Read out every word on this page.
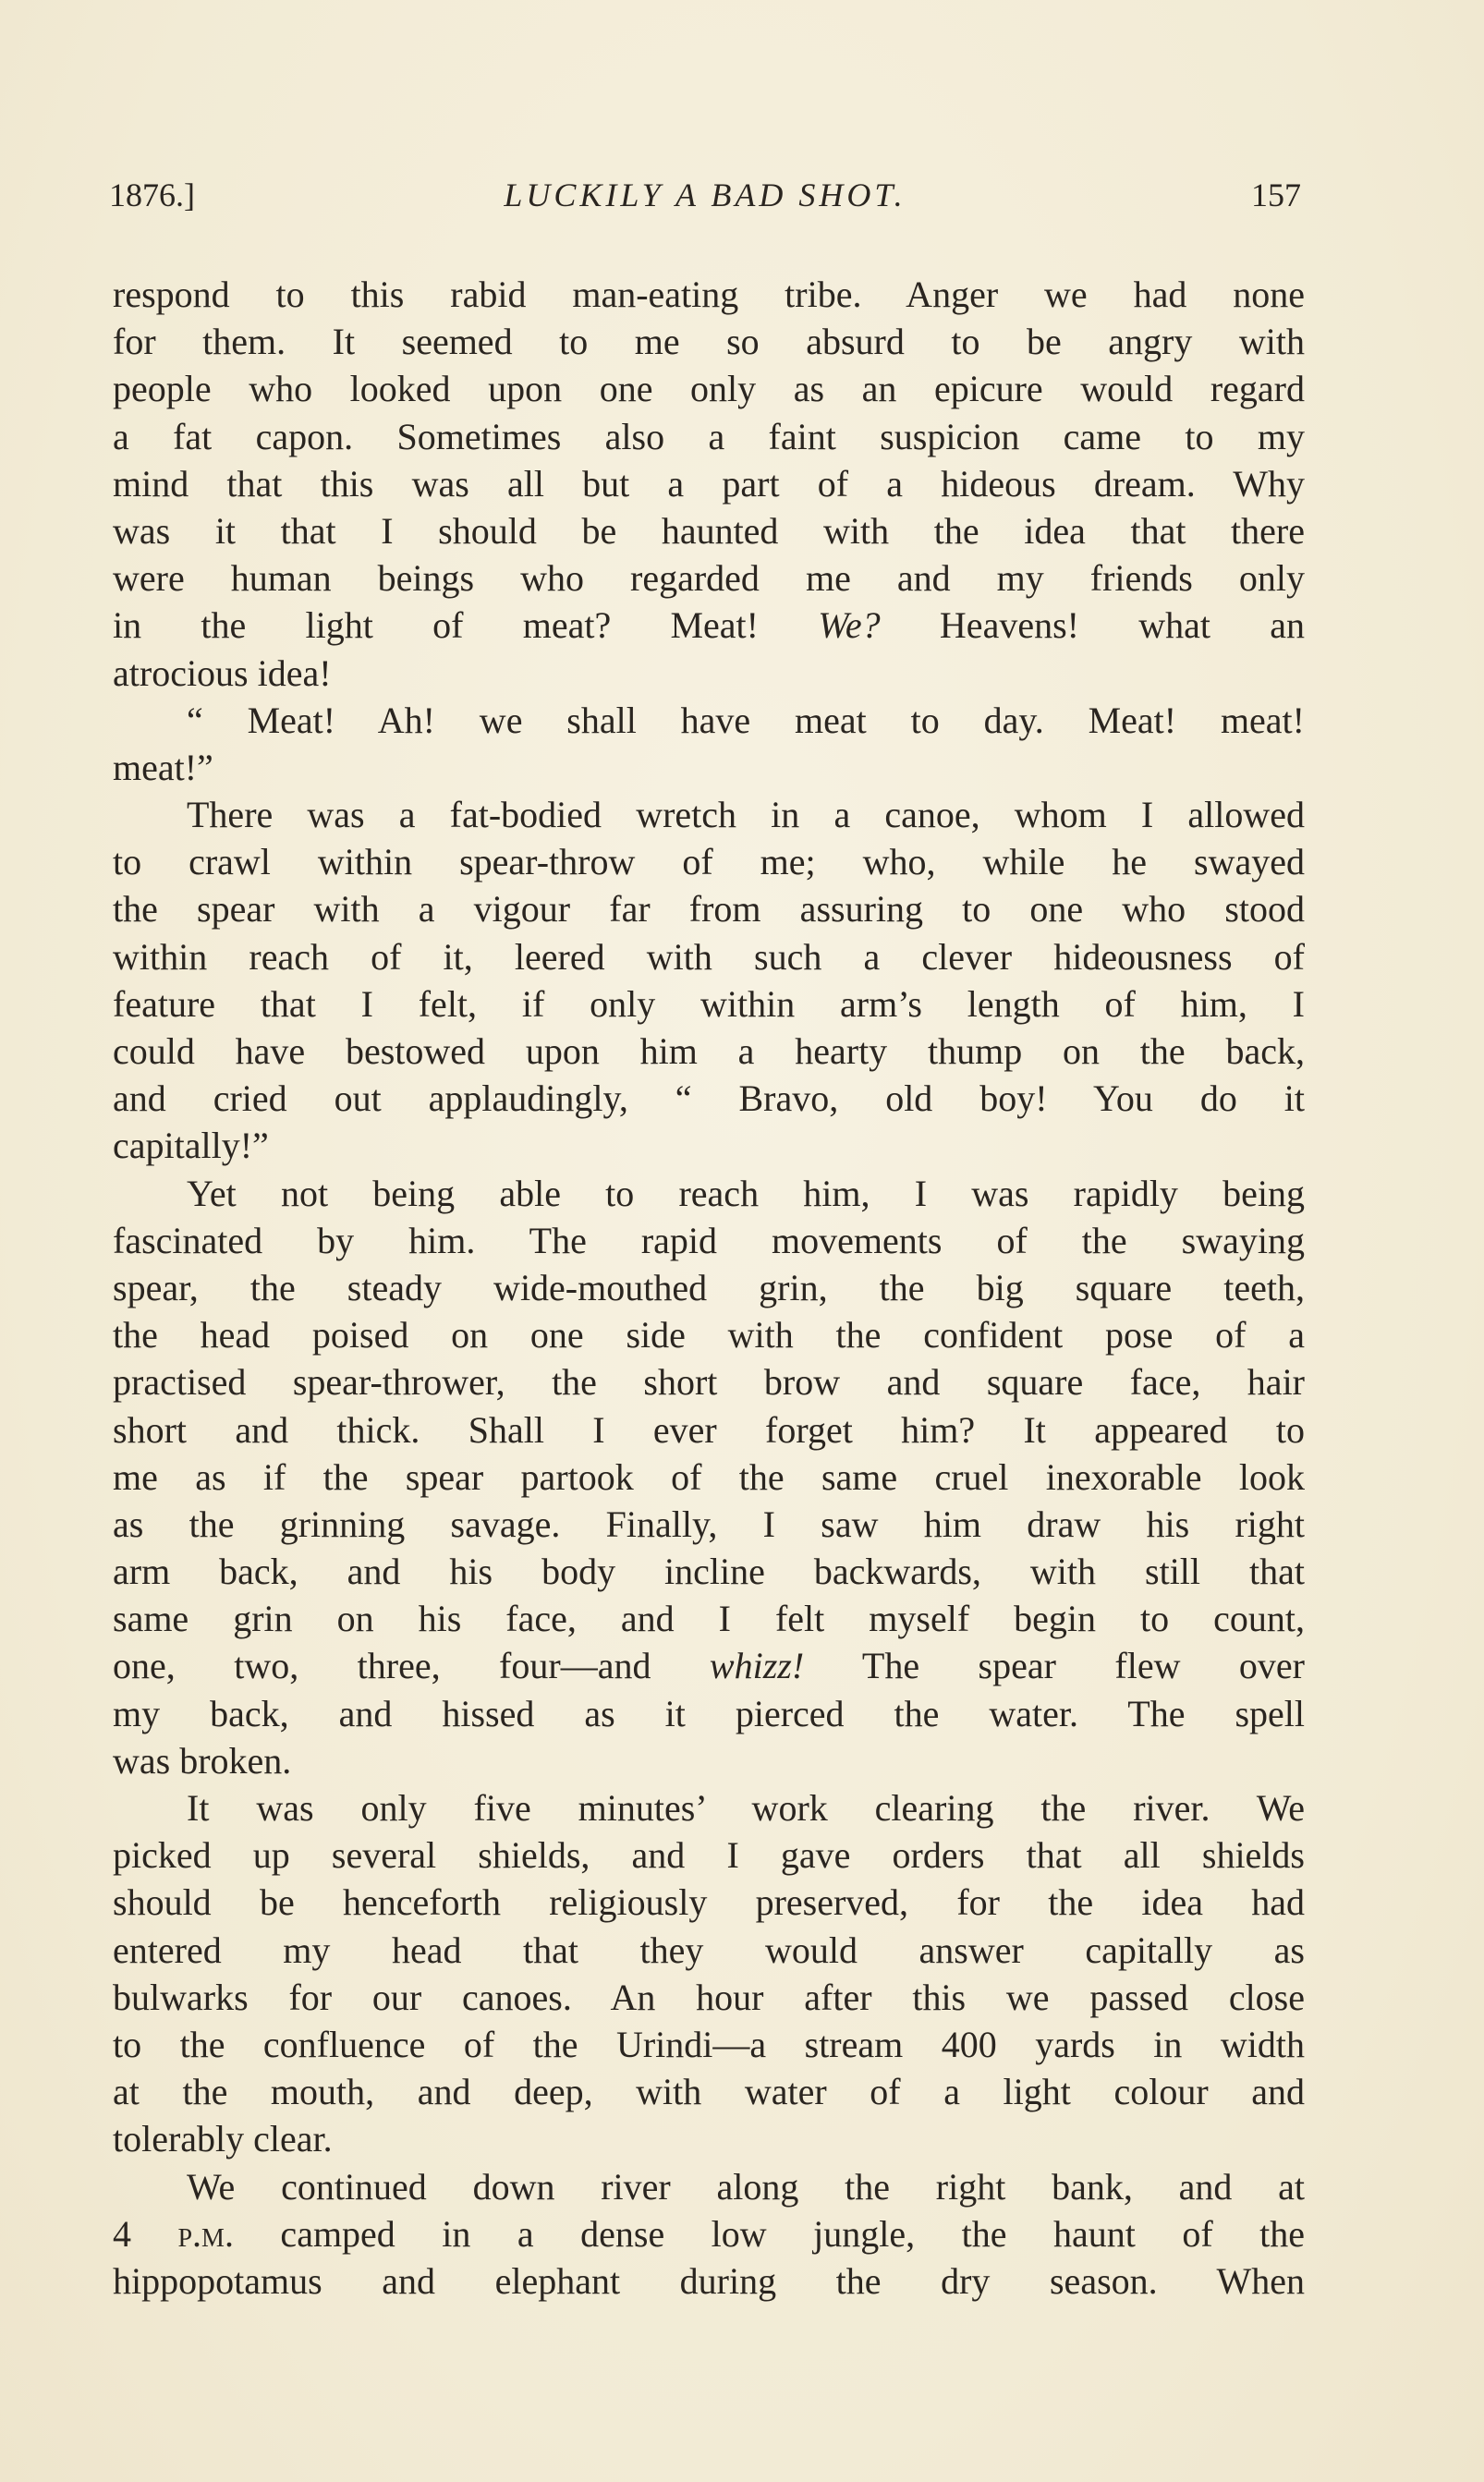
1876.]	LUCKILY A BAD SHOT.	157
respond to this rabid man-eating tribe. Anger we had none
for them. It seemed to me so absurd to be angry with
people who looked upon one only as an epicure would regard
a fat capon. Sometimes also a faint suspicion came to my
mind that this was all but a part of a hideous dream. Why
was it that I should be haunted with the idea that there
were human beings who regarded me and my friends only
in the light of meat? Meat! We? Heavens! what an
atrocious idea!
“ Meat! Ah! we shall have meat to day. Meat! meat!
meat!”
There was a fat-bodied wretch in a canoe, whom I allowed
to crawl within spear-throw of me; who, while he swayed
the spear with a vigour far from assuring to one who stood
within reach of it, leered with such a clever hideousness of
feature that I felt, if only within arm’s length of him, I
could have bestowed upon him a hearty thump on the back,
and cried out applaudingly, “ Bravo, old boy! You do it
capitally!”
Yet not being able to reach him, I was rapidly being
fascinated by him. The rapid movements of the swaying
spear, the steady wide-mouthed grin, the big square teeth,
the head poised on one side with the confident pose of a
practised spear-thrower, the short brow and square face, hair
short and thick. Shall I ever forget him? It appeared to
me as if the spear partook of the same cruel inexorable look
as the grinning savage. Finally, I saw him draw his right
arm back, and his body incline backwards, with still that
same grin on his face, and I felt myself begin to count,
one, two, three, four—and whizz! The spear flew over
my back, and hissed as it pierced the water. The spell
was broken.
It was only five minutes’ work clearing the river. We
picked up several shields, and I gave orders that all shields
should be henceforth religiously preserved, for the idea had
entered my head that they would answer capitally as
bulwarks for our canoes. An hour after this we passed close
to the confluence of the Urindi—a stream 400 yards in width
at the mouth, and deep, with water of a light colour and
tolerably clear.
We continued down river along the right bank, and at
4 p.m. camped in a dense low jungle, the haunt of the
hippopotamus and elephant during the dry season. When
